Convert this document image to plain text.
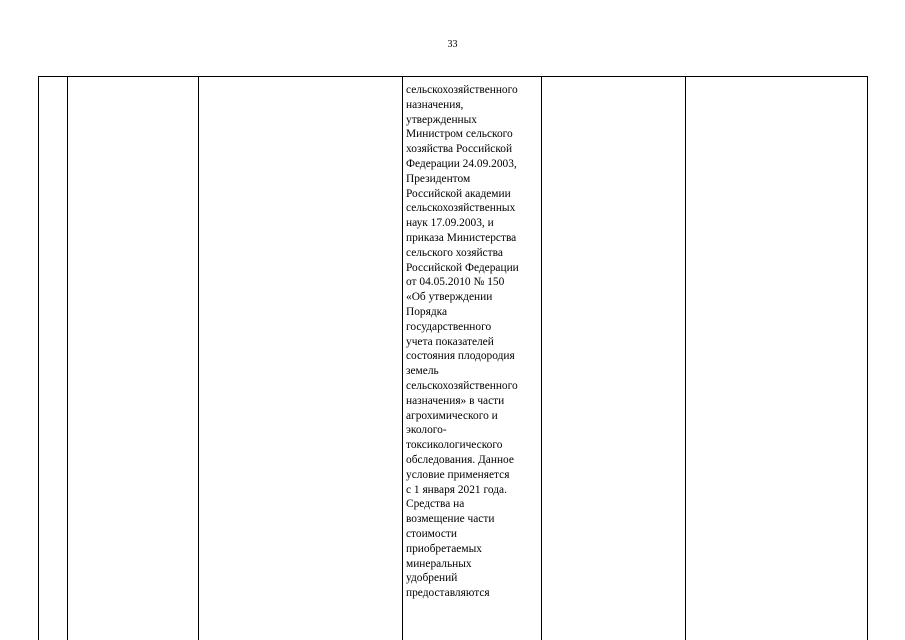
33
сельскохозяйственного
назначения,
утвержденных
Министром сельского
хозяйства Российской
Федерации 24.09.2003,
Президентом
Российской академии
сельскохозяйственных
наук 17.09.2003, и
приказа Министерства
сельского хозяйства
Российской Федерации
от 04.05.2010 № 150
«Об утверждении
Порядка
государственного
учета показателей
состояния плодородия
земель
сельскохозяйственного
назначения» в части
агрохимического и
эколого-
токсикологического
обследования. Данное
условие применяется
с 1 января 2021 года.
Средства на
возмещение части
стоимости
приобретаемых
минеральных
удобрений
предоставляются
